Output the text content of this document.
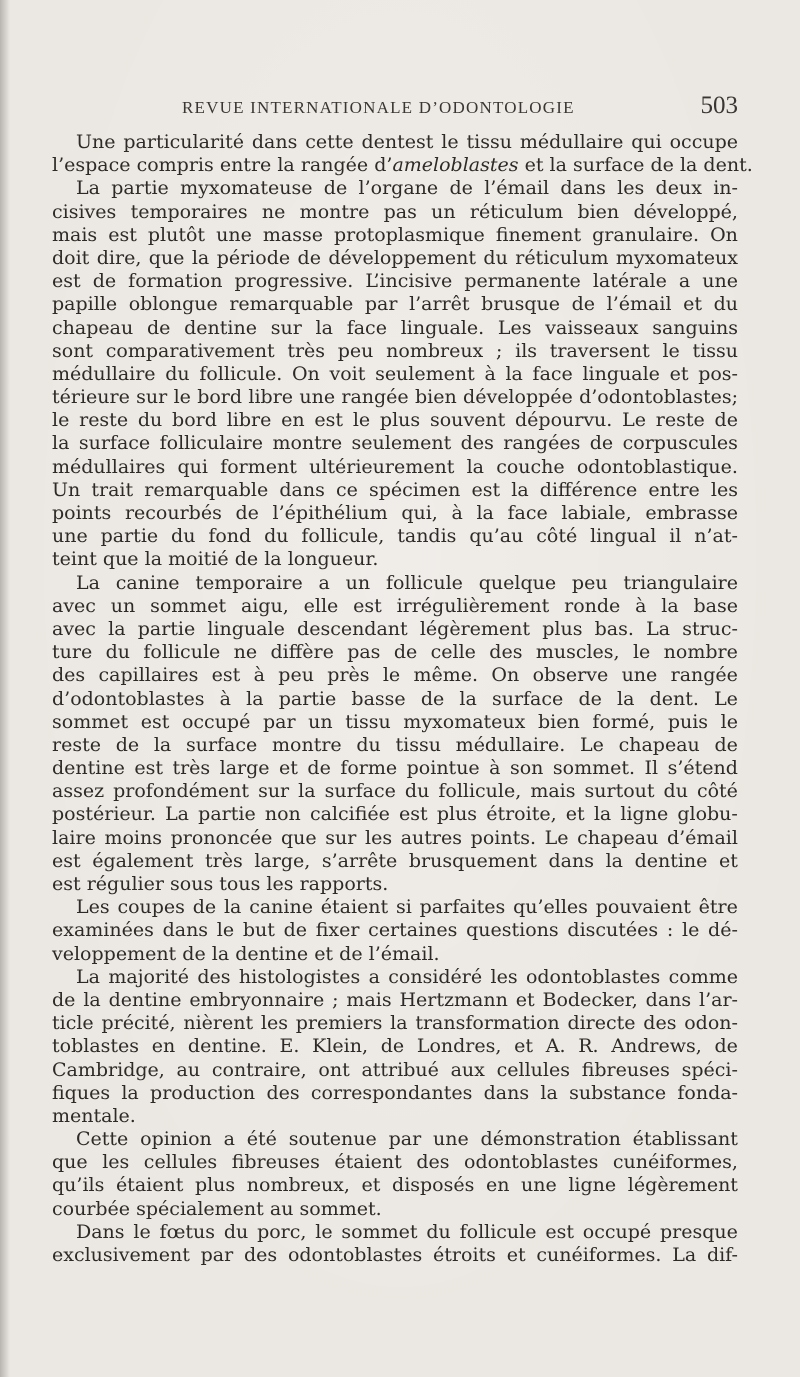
REVUE INTERNATIONALE D’ODONTOLOGIE	503
Une particularité dans cette dentest le tissu médullaire qui occupe
l’espace compris entre la rangée d’ameloblastes et la surface de la dent.
La partie myxomateuse de l’organe de l’émail dans les deux in-
cisives temporaires ne montre pas un réticulum bien développé,
mais est plutôt une masse protoplasmique finement granulaire. On
doit dire, que la période de développement du réticulum myxomateux
est de formation progressive. L’incisive permanente latérale a une
papille oblongue remarquable par l’arrêt brusque de l’émail et du
chapeau de dentine sur la face linguale. Les vaisseaux sanguins
sont comparativement très peu nombreux ; ils traversent le tissu
médullaire du follicule. On voit seulement à la face linguale et pos-
térieure sur le bord libre une rangée bien développée d’odontoblastes;
le reste du bord libre en est le plus souvent dépourvu. Le reste de
la surface folliculaire montre seulement des rangées de corpuscules
médullaires qui forment ultérieurement la couche odontoblastique.
Un trait remarquable dans ce spécimen est la différence entre les
points recourbés de l’épithélium qui, à la face labiale, embrasse
une partie du fond du follicule, tandis qu’au côté lingual il n’at-
teint que la moitié de la longueur.
La canine temporaire a un follicule quelque peu triangulaire
avec un sommet aigu, elle est irrégulièrement ronde à la base
avec la partie linguale descendant légèrement plus bas. La struc-
ture du follicule ne diffère pas de celle des muscles, le nombre
des capillaires est à peu près le même. On observe une rangée
d’odontoblastes à la partie basse de la surface de la dent. Le
sommet est occupé par un tissu myxomateux bien formé, puis le
reste de la surface montre du tissu médullaire. Le chapeau de
dentine est très large et de forme pointue à son sommet. Il s’étend
assez profondément sur la surface du follicule, mais surtout du côté
postérieur. La partie non calcifiée est plus étroite, et la ligne globu-
laire moins prononcée que sur les autres points. Le chapeau d’émail
est également très large, s’arrête brusquement dans la dentine et
est régulier sous tous les rapports.
Les coupes de la canine étaient si parfaites qu’elles pouvaient être
examinées dans le but de fixer certaines questions discutées : le dé-
veloppement de la dentine et de l’émail.
La majorité des histologistes a considéré les odontoblastes comme
de la dentine embryonnaire ; mais Hertzmann et Bodecker, dans l’ar-
ticle précité, nièrent les premiers la transformation directe des odon-
toblastes en dentine. E. Klein, de Londres, et A. R. Andrews, de
Cambridge, au contraire, ont attribué aux cellules fibreuses spéci-
fiques la production des correspondantes dans la substance fonda-
mentale.
Cette opinion a été soutenue par une démonstration établissant
que les cellules fibreuses étaient des odontoblastes cunéiformes,
qu’ils étaient plus nombreux, et disposés en une ligne légèrement
courbée spécialement au sommet.
Dans le fœtus du porc, le sommet du follicule est occupé presque
exclusivement par des odontoblastes étroits et cunéiformes. La dif-
